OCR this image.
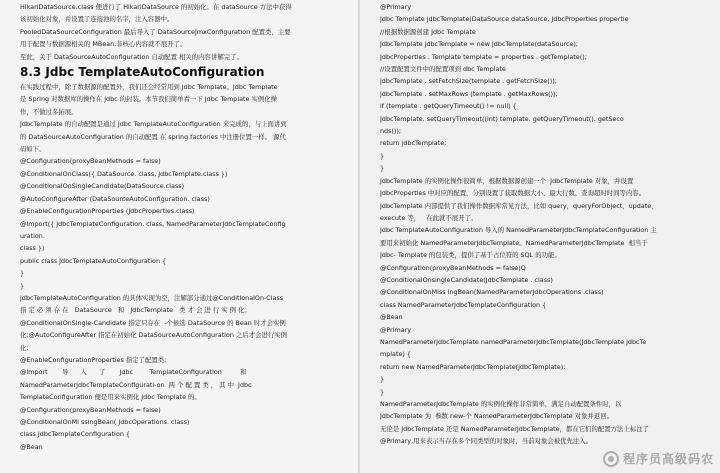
HikariDataSource.class 便进行了 HikariDataSource 的初始化。在 dataSource 方法中获得
该初始化对象，并设置了连接池的名字，注入容器中。
PooledDataSourceConfiguration 最后导入了 DataSourceJmxConfiguration 配置类，主要
用于配置与数据源相关的 MBean,非核心内容就不展开了。
至此，关于 DataSourceAutoConfiguration 自动配置 相关的内容讲解完了。
8.3 Jdbc TemplateAutoConfiguration
在实践过程中，除了数据源的配置外，我们还会经常用到 Jdbc Template。Jdbc Template
是 Spring 对数据库的操作在 jdbc 的封装。本节我们简单看一下 Jdbc Template 实例化操
作，不做过多拓展。
JdbcTemplate 的自动配置是通过 Jdbc TemplateAutoConfiguration 来完成的，与上面讲到
的 DataSourceAutoConfiguration 的自动配置 在 spring.factories 中注册位置一样。 源代
码如下。
@Configuration(proxyBeanMethods = false)
@ConditionalOnClass({ DataSource. class, JdbcTemplate.class })
@ConditionalOnSingleCandidate(DataSource.class)
@AutoConfigureAfter (DataSourceAutoConfiguration. class)
@EnableConfigurationProperties (JdbcProperties.class)
@Import({ JdbcTemplateConfiguration. class, NamedParameterJdbcTemplateConfig
uration.
class })
public class JdbcTemplateAutoConfiguration {
}
}
JdbcTemplateAutoConfiguration 的具体实现为空，注解部分通过@ConditionalOn-Class
指 定 必 须 存 在   DataSource   和   JdbcTemplate   类 才 会 进 行 实 例 化；
@ConditionalOnSingle-Candidate 指定只存在  -个候选 DataSource 的 Bean 时才会实例
化;@AutoConfigureAfter 指定在初始化 DataSourceAutoConfiguration 之后才会进行实例
化;
@EnableConfigurationProperties 指定了配置类;
@Import       导      入      了       Jdbc        TemplateConfiguration         和
NamedParameterJdbcTemplateConfigurati-on  两 个 配 置 类 ， 其 中  Jdbc
TemplateConfiguration 便是用来实例化 Jdbc Template 的。
@Configuration(proxyBeanMethods = false)
@ConditionalOnMi ssingBean( JdbcOperations. class)
class JdbcTemplateConfiguration {
@Bean
@Primary
Jdbc Template jdbcTemplate(DataSource dataSource, JdbcProperties propertie
//根据数据源创建 Jdbc Template
JdbcTemplate jdbcTemplate = new JdbcTemplate(dataSource);
JdbcProperties . Template template = properties . getTemplate();
//设置配置文件中的配置项到 dbc Template
jdbcTemplate . setFetchSize(template . getFetchSize());
jdbcTemplate . setMaxRows (template . getMaxRows());
if (template . getQueryTimeout() != null) {
JdbcTemplate. setQueryTimeout((int) template. getQueryTimeout(). getSeco
nds());
return jdbcTemplate;
}
}
JdbcTemplate 的实例化操作很简单，根据数据源创建一个  JdbcTemplate 对象，并设置
JdbcProperties 中对应的配置，分别设置了获取数据大小、最大行数，查询超时时间等内容。
JdbcTemplate 内部提供了我们操作数据库常见方法，比如 query，queryForObject，update，
execute 等，   在此就不展开了。
Jdbc TemplateAutoConfiguration 导入的 NamedParameterJdbcTemplateConfiguration 主
要用来初始化 NamedParameterJdbcTemplate。NamedParameterJdbcTemplate  相当于
Jdbc- Template 的包装类，提供了基于占位符的 SQL 的功能。
@Configuration(proxyBeanMethods = false)Q
@ConditionalOnsingleCandidate(JdbcTemplate . class)
@ConditionalOnMiss ingBean(NamedParameterJdbcOperations .class)
class NamedParameterJdbcTemplateConfiguration {
@Bean
@Primary
NamedParameterJdbcTemplate namedParameterJdbcTemplate(JdbcTemplate jdbcTe
mplate) {
return new NamedParameterJdbcTemplate(jdbcTemplate);
}
}
NamedParameterJdbcTemplate 的实例化操作非常简单，满足自动配置条件时，以
JdbcTemplate 为  参数 new-个 NamedParameterJdbcTemplate 对象并返回。
无论是 JdbcTemplate 还是 NamedParameterJdbcTemplate，都在它们的配置方法上标注了
@Primary,用来表示当存在多个同类型的对象时，当前对象会被优先注入。
程序员高级码农
